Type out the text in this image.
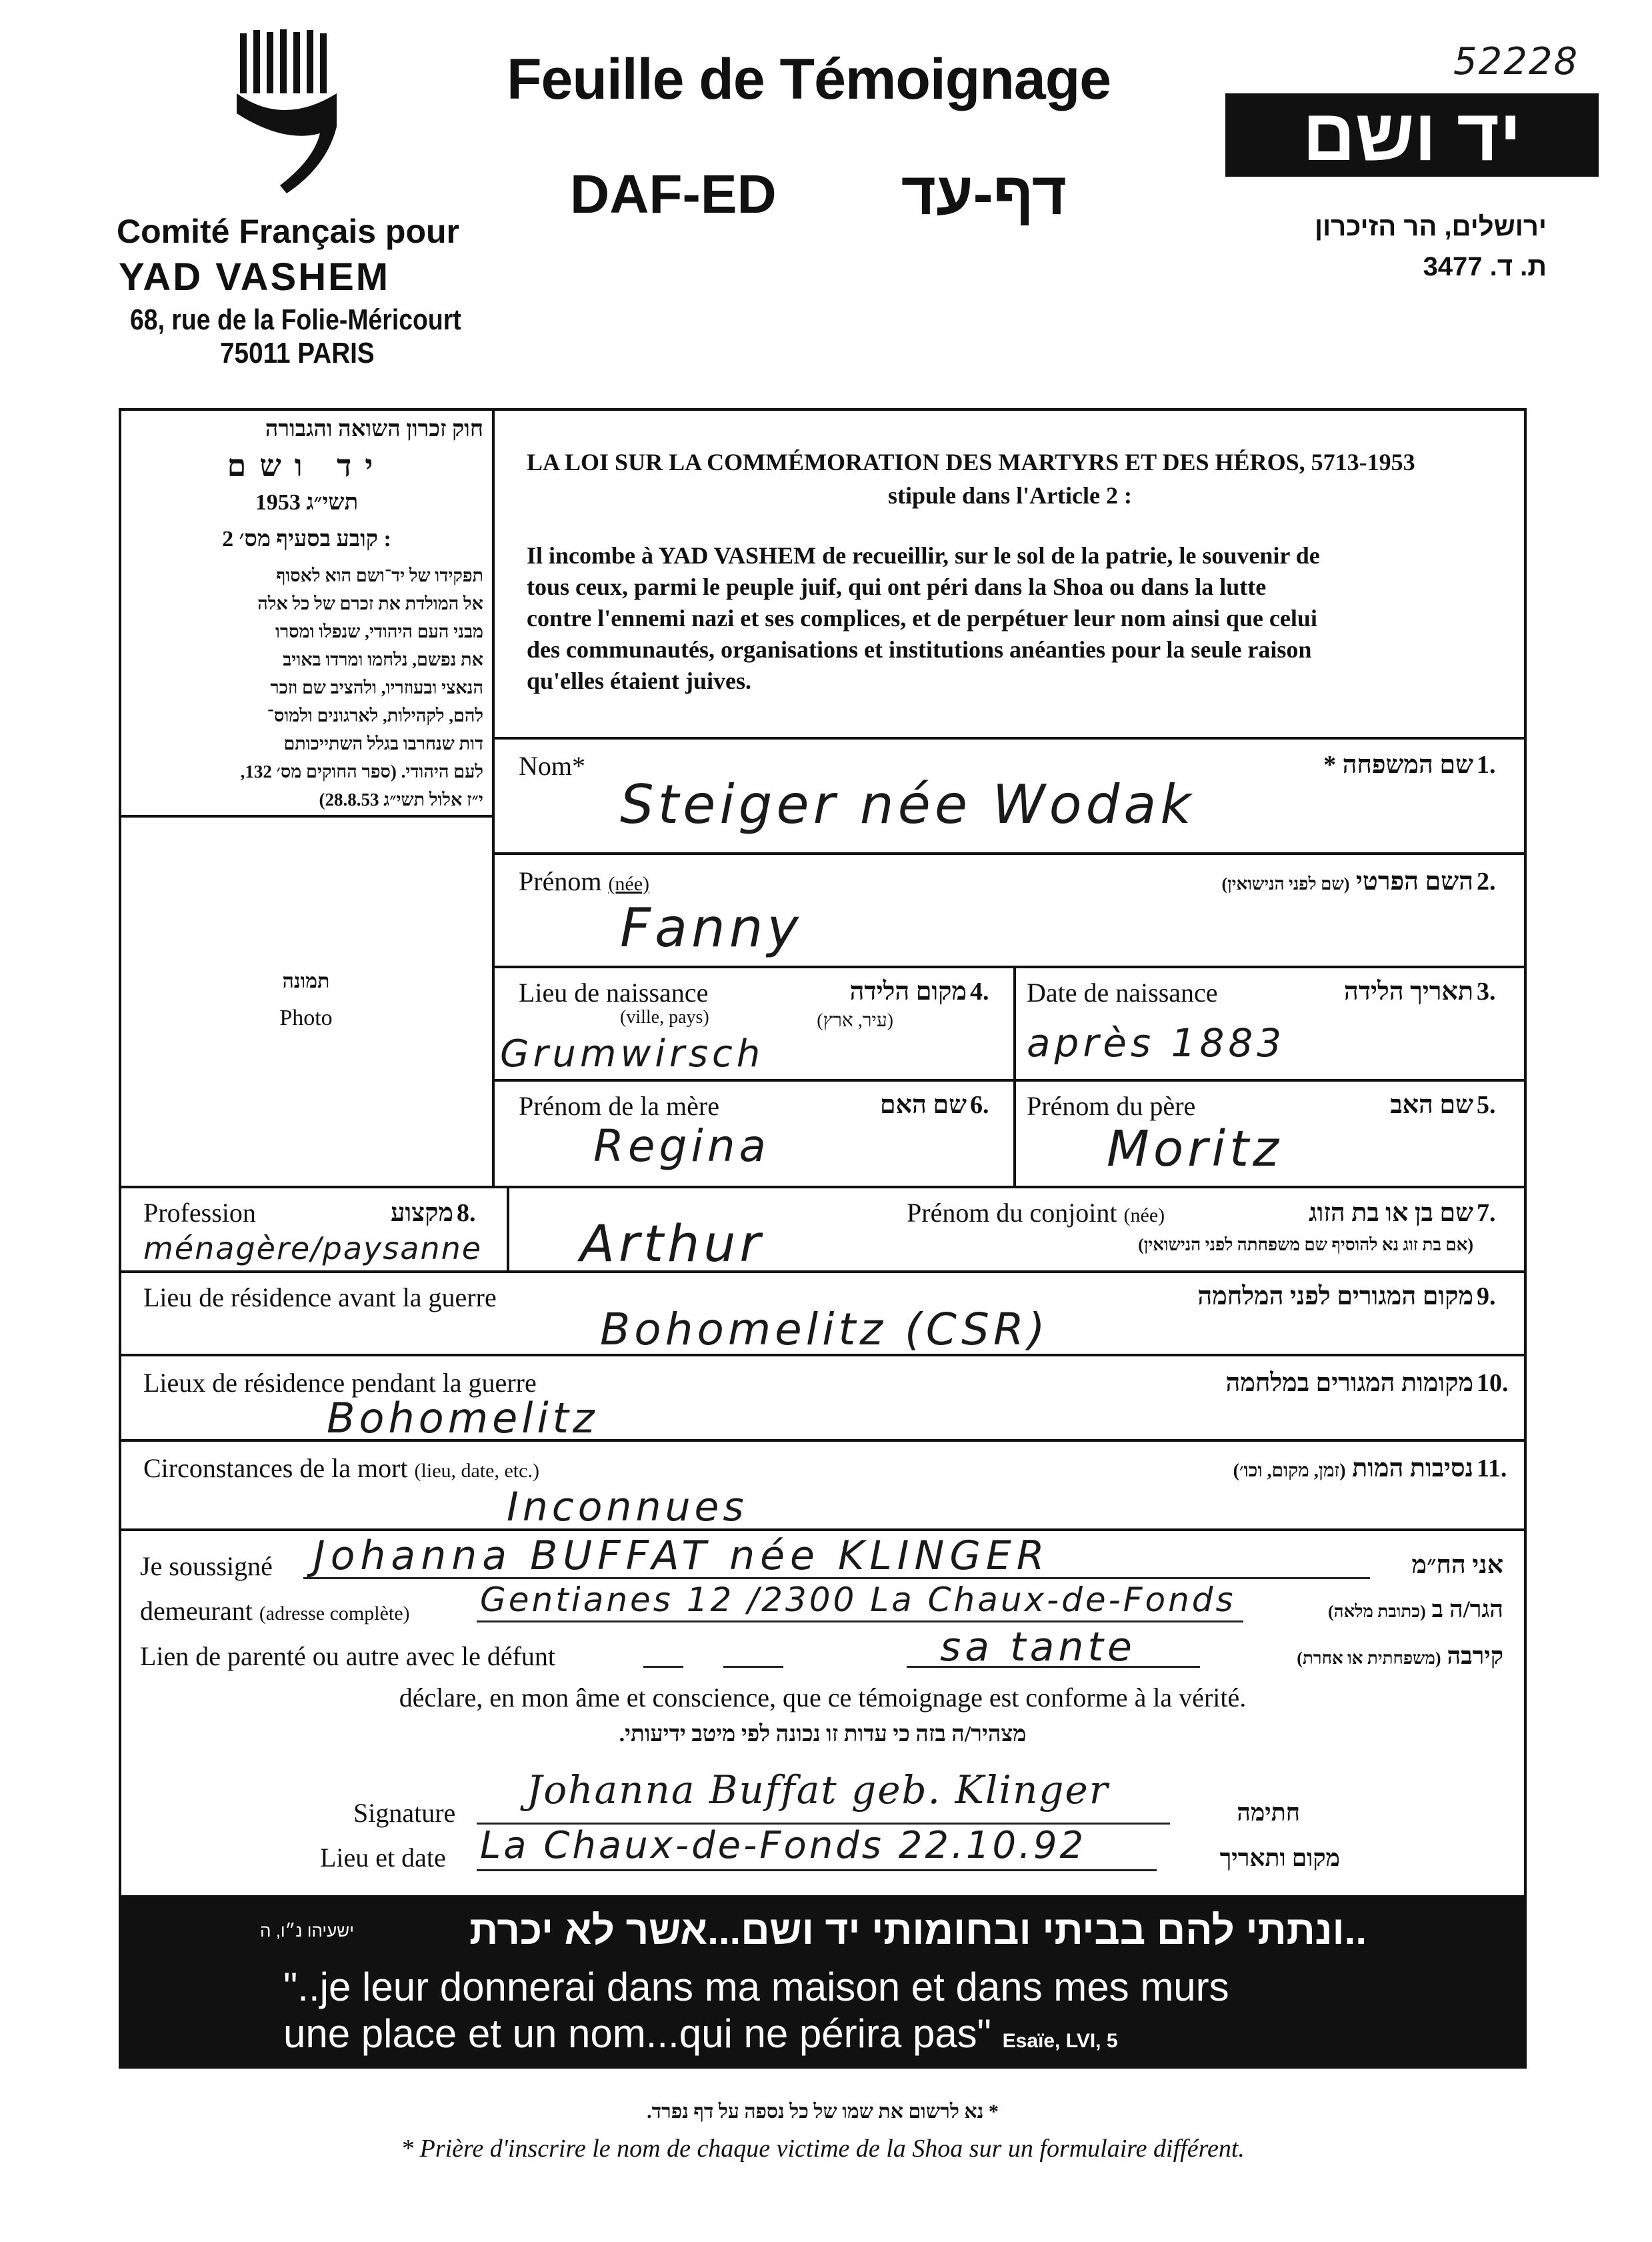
52228
Feuille de Témoignage
DAF-ED	דף-עד
Comité Français pour
YAD VASHEM
68, rue de la Folie-Méricourt
75011 PARIS
יד ושם
ירושלים, הר הזיכרון
ת. ד. 3477
חוק זכרון השואה והגבורה
יד ושם
תשי״ג 1953
קובע בסעיף מס׳ 2 :
תפקידו של יד־ושם הוא לאסוף
אל המולדת את זכרם של כל אלה
מבני העם היהודי, שנפלו ומסרו
את נפשם, נלחמו ומרדו באויב
הנאצי ובעוזריו, ולהציב שם וזכר
להם, לקהילות, לארגונים ולמוס־
דות שנחרבו בגלל השתייכותם
לעם היהודי. (ספר החוקים מס׳ 132,
י״ז אלול תשי״ג 28.8.53)
תמונה
Photo
LA LOI SUR LA COMMÉMORATION DES MARTYRS ET DES HÉROS, 5713-1953
stipule dans l'Article 2 :
Il incombe à YAD VASHEM de recueillir, sur le sol de la patrie, le souvenir de
tous ceux, parmi le peuple juif, qui ont péri dans la Shoa ou dans la lutte
contre l'ennemi nazi et ses complices, et de perpétuer leur nom ainsi que celui
des communautés, organisations et institutions anéanties pour la seule raison
qu'elles étaient juives.
Nom*	שם המשפחה * 1.
Steiger née Wodak
Prénom (née)	השם הפרטי (שם לפני הנישואין)	2.
Fanny
Lieu de naissance
(ville, pays)
מקום הלידה
(עיר, ארץ)
4.
Grumwirsch
Date de naissance	תאריך הלידה 3.
après 1883
Prénom de la mère	שם האם 6.
Regina
Prénom du père	שם האב 5.
Moritz
Profession	מקצוע 8.
ménagère/paysanne
Prénom du conjoint (née)	שם בן או בת הזוג 7.
(אם בת זוג נא להוסיף שם משפחתה לפני הנישואין)
Arthur
Lieu de résidence avant la guerre	מקום המגורים לפני המלחמה 9.
Bohomelitz (CSR)
Lieux de résidence pendant la guerre	מקומות המגורים במלחמה 10.
Bohomelitz
Circonstances de la mort (lieu, date, etc.)	נסיבות המות (זמן, מקום, וכו׳)	11.
Inconnues
Je soussigné Johanna BUFFAT née KLINGER	אני הח״מ
demeurant (adresse complète) Gentianes 12 /2300 La Chaux-de-Fonds	הגר/ה ב (כתובת מלאה)
Lien de parenté ou autre avec le défunt	sa tante	קירבה (משפחתית או אחרת)
déclare, en mon âme et conscience, que ce témoignage est conforme à la vérité.
מצהיר/ה בזה כי עדות זו נכונה לפי מיטב ידיעותי.
Signature
Johanna Buffat geb. Klinger	חתימה
Lieu et date La Chaux-de-Fonds 22.10.92	מקום ותאריך
..ונתתי להם בביתי ובחומותי יד ושם...אשר לא יכרת
ישעיהו נ״ו, ה
"..je leur donnerai dans ma maison et dans mes murs
une place et un nom...qui ne périra pas" Esaïe, LVI, 5
* נא לרשום את שמו של כל נספה על דף נפרד.
* Prière d'inscrire le nom de chaque victime de la Shoa sur un formulaire différent.
